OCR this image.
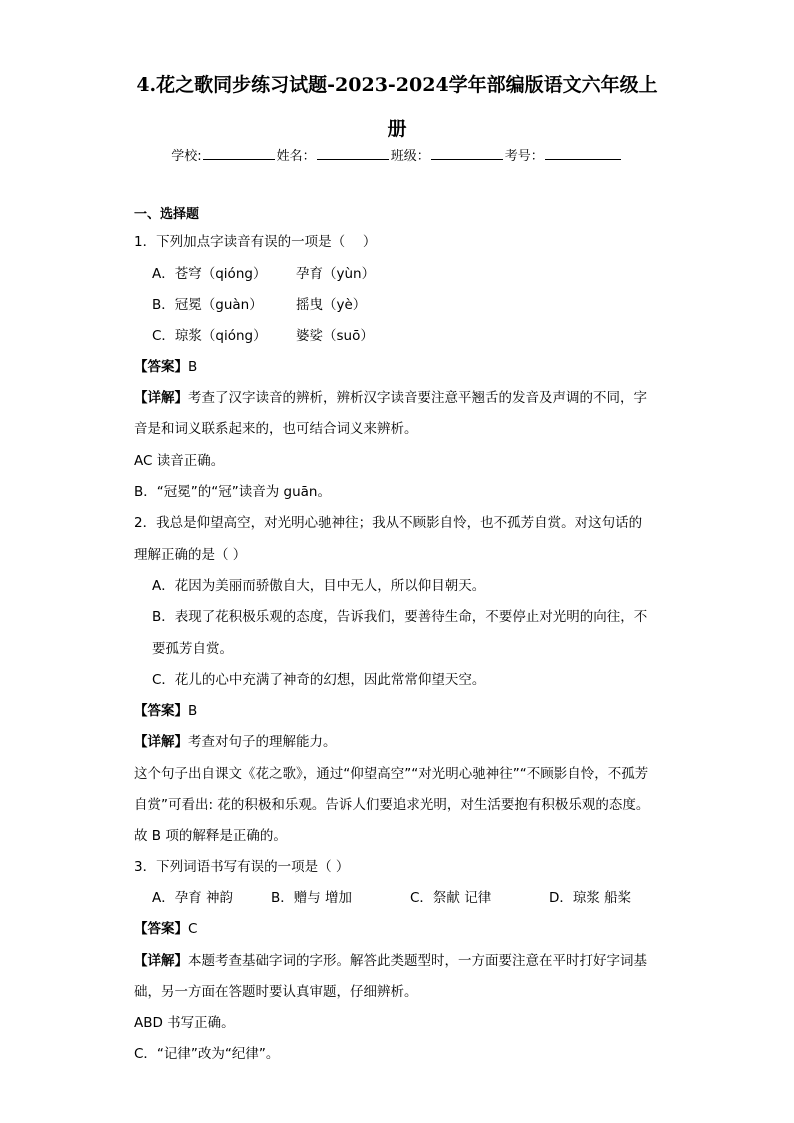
4.花之歌同步练习试题-2023-2024学年部编版语文六年级上
册
学校:	姓名：	班级：	考号：
一、选择题
1．下列加点字读音有误的一项是（　 ）
A．苍穹（qióng） 孕育（yùn）
B．冠冕（guàn） 摇曳（yè）
C．琼浆（qióng） 婆娑（suō）
【答案】B
【详解】考查了汉字读音的辨析，辨析汉字读音要注意平翘舌的发音及声调的不同，字
音是和词义联系起来的，也可结合词义来辨析。
AC 读音正确。
B．“冠冕”的“冠”读音为 guān。
2．我总是仰望高空，对光明心驰神往；我从不顾影自怜，也不孤芳自赏。对这句话的
理解正确的是（ ）
A．花因为美丽而骄傲自大，目中无人，所以仰目朝天。
B．表现了花积极乐观的态度，告诉我们，要善待生命，不要停止对光明的向往，不
要孤芳自赏。
C．花儿的心中充满了神奇的幻想，因此常常仰望天空。
【答案】B
【详解】考查对句子的理解能力。
这个句子出自课文《花之歌》，通过“仰望高空”“对光明心驰神往”“不顾影自怜，不孤芳
自赏”可看出: 花的积极和乐观。告诉人们要追求光明，对生活要抱有积极乐观的态度。
故 B 项的解释是正确的。
3．下列词语书写有误的一项是（ ）
A．孕育 神韵	B．赠与 增加	C．祭献 记律	D．琼浆 船桨
【答案】C
【详解】本题考查基础字词的字形。解答此类题型时，一方面要注意在平时打好字词基
础，另一方面在答题时要认真审题，仔细辨析。
ABD 书写正确。
C．“记律”改为“纪律”。
